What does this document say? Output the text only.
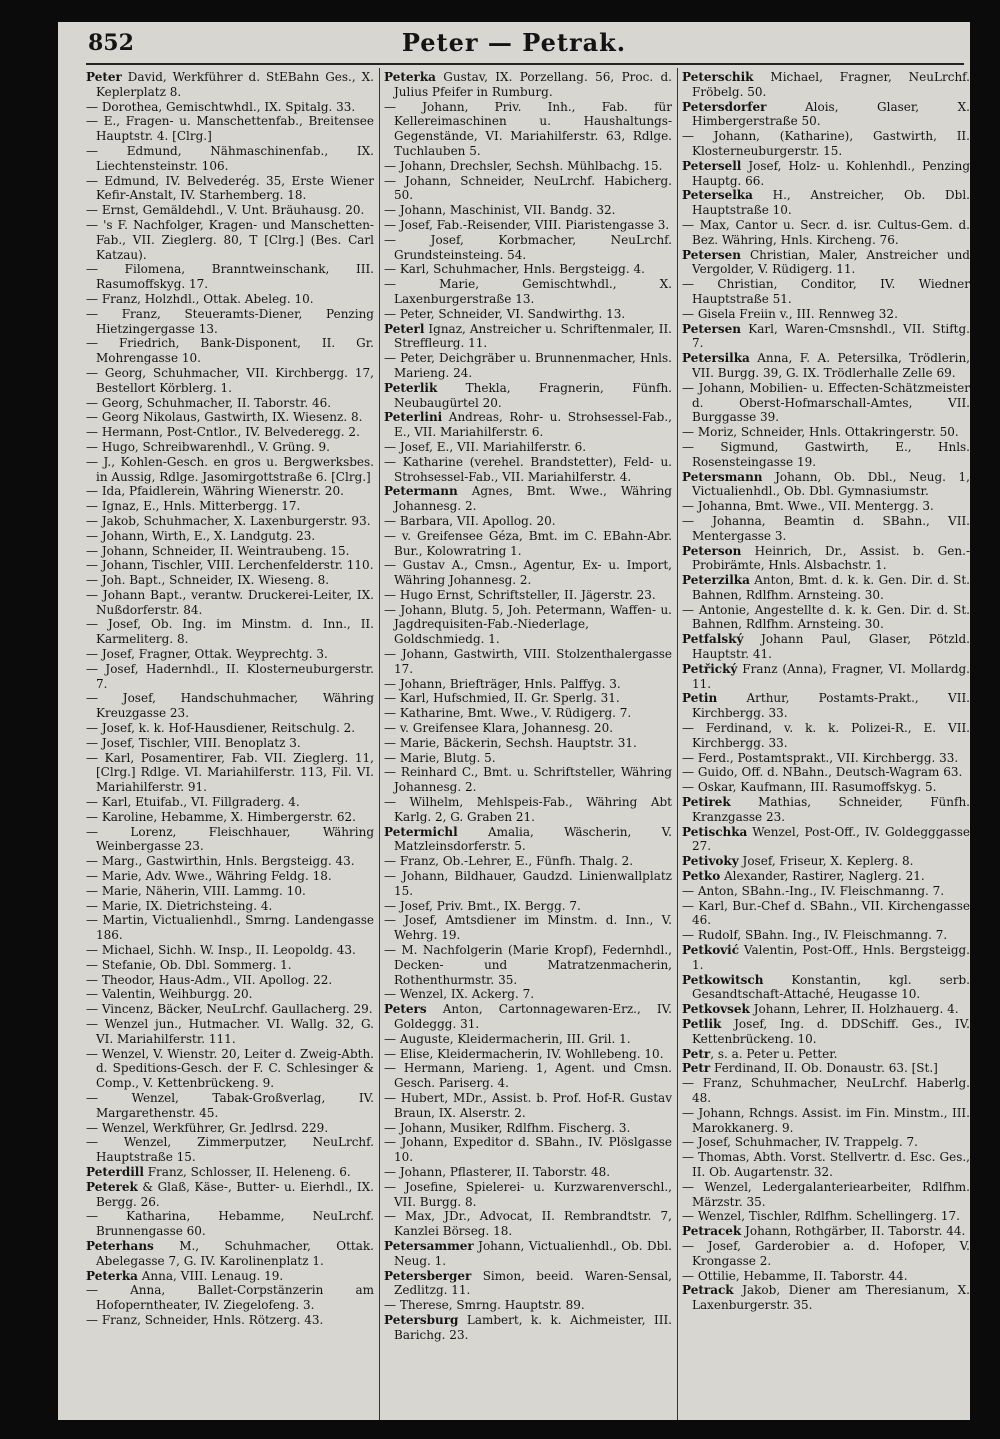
852	Peter — Petrak.

Peter David, Werkführer d. StEBahn Ges., X. Keplerplatz 8.

— Dorothea, Gemischtwhdl., IX. Spitalg. 33.

— E., Fragen- u. Manschettenfab., Breitensee Hauptstr. 4. [Clrg.]

— Edmund, Nähmaschinenfab., IX. Liechtensteinstr. 106.

— Edmund, IV. Belvederég. 35, Erste Wiener Kefir-Anstalt, IV. Starhemberg. 18.

— Ernst, Gemäldehdl., V. Unt. Bräuhausg. 20.

— 's F. Nachfolger, Kragen- und Manschetten-Fab., VII. Zieglerg. 80, T [Clrg.] (Bes. Carl Katzau).

— Filomena, Branntweinschank, III. Rasumoffskyg. 17.

— Franz, Holzhdl., Ottak. Abeleg. 10.

— Franz, Steueramts-Diener, Penzing Hietzingergasse 13.

— Friedrich, Bank-Disponent, II. Gr. Mohrengasse 10.

— Georg, Schuhmacher, VII. Kirchbergg. 17, Bestellort Körblerg. 1.

— Georg, Schuhmacher, II. Taborstr. 46.

— Georg Nikolaus, Gastwirth, IX. Wiesenz. 8.

— Hermann, Post-Cntlor., IV. Belvederegg. 2.

— Hugo, Schreibwarenhdl., V. Grüng. 9.

— J., Kohlen-Gesch. en gros u. Bergwerksbes. in Aussig, Rdlge. Jasomirgottstraße 6. [Clrg.]

— Ida, Pfaidlerein, Währing Wienerstr. 20.

— Ignaz, E., Hnls. Mitterbergg. 17.

— Jakob, Schuhmacher, X. Laxenburgerstr. 93.

— Johann, Wirth, E., X. Landgutg. 23.

— Johann, Schneider, II. Weintraubeng. 15.

— Johann, Tischler, VIII. Lerchenfelderstr. 110.

— Joh. Bapt., Schneider, IX. Wieseng. 8.

— Johann Bapt., verantw. Druckerei-Leiter, IX. Nußdorferstr. 84.

— Josef, Ob. Ing. im Minstm. d. Inn., II. Karmeliterg. 8.

— Josef, Fragner, Ottak. Weyprechtg. 3.

— Josef, Hadernhdl., II. Klosterneuburgerstr. 7.

— Josef, Handschuhmacher, Währing Kreuzgasse 23.

— Josef, k. k. Hof-Hausdiener, Reitschulg. 2.

— Josef, Tischler, VIII. Benoplatz 3.

— Karl, Posamentirer, Fab. VII. Zieglerg. 11, [Clrg.] Rdlge. VI. Mariahilferstr. 113, Fil. VI. Mariahilferstr. 91.

— Karl, Etuifab., VI. Fillgraderg. 4.

— Karoline, Hebamme, X. Himbergerstr. 62.

— Lorenz, Fleischhauer, Währing Weinbergasse 23.

— Marg., Gastwirthin, Hnls. Bergsteigg. 43.

— Marie, Adv. Wwe., Währing Feldg. 18.

— Marie, Näherin, VIII. Lammg. 10.

— Marie, IX. Dietrichsteing. 4.

— Martin, Victualienhdl., Smrng. Landengasse 186.

— Michael, Sichh. W. Insp., II. Leopoldg. 43.

— Stefanie, Ob. Dbl. Sommerg. 1.

— Theodor, Haus-Adm., VII. Apollog. 22.

— Valentin, Weihburgg. 20.

— Vincenz, Bäcker, NeuLrchf. Gaullacherg. 29.

— Wenzel jun., Hutmacher. VI. Wallg. 32, G. VI. Mariahilferstr. 111.

— Wenzel, V. Wienstr. 20, Leiter d. Zweig-Abth. d. Speditions-Gesch. der F. C. Schlesinger & Comp., V. Kettenbrückeng. 9.

— Wenzel, Tabak-Großverlag, IV. Margarethenstr. 45.

— Wenzel, Werkführer, Gr. Jedlrsd. 229.

— Wenzel, Zimmerputzer, NeuLrchf. Hauptstraße 15.

Peterdill Franz, Schlosser, II. Heleneng. 6.

Peterek & Glaß, Käse-, Butter- u. Eierhdl., IX. Bergg. 26.

— Katharina, Hebamme, NeuLrchf. Brunnengasse 60.

Peterhans M., Schuhmacher, Ottak. Abelegasse 7, G. IV. Karolinenplatz 1.

Peterka Anna, VIII. Lenaug. 19.

— Anna, Ballet-Corpstänzerin am Hofoperntheater, IV. Ziegelofeng. 3.

— Franz, Schneider, Hnls. Rötzerg. 43.

Peterka Gustav, IX. Porzellang. 56, Proc. d. Julius Pfeifer in Rumburg.

— Johann, Priv. Inh., Fab. für Kellereimaschinen u. Haushaltungs-Gegenstände, VI. Mariahilferstr. 63, Rdlge. Tuchlauben 5.

— Johann, Drechsler, Sechsh. Mühlbachg. 15.

— Johann, Schneider, NeuLrchf. Habicherg. 50.

— Johann, Maschinist, VII. Bandg. 32.

— Josef, Fab.-Reisender, VIII. Piaristengasse 3.

— Josef, Korbmacher, NeuLrchf. Grundsteinsteing. 54.

— Karl, Schuhmacher, Hnls. Bergsteigg. 4.

— Marie, Gemischtwhdl., X. Laxenburgerstraße 13.

— Peter, Schneider, VI. Sandwirthg. 13.

Peterl Ignaz, Anstreicher u. Schriftenmaler, II. Streffleurg. 11.

— Peter, Deichgräber u. Brunnenmacher, Hnls. Marieng. 24.

Peterlik Thekla, Fragnerin, Fünfh. Neubaugürtel 20.

Peterlini Andreas, Rohr- u. Strohsessel-Fab., E., VII. Mariahilferstr. 6.

— Josef, E., VII. Mariahilferstr. 6.

— Katharine (verehel. Brandstetter), Feld- u. Strohsessel-Fab., VII. Mariahilferstr. 4.

Petermann Agnes, Bmt. Wwe., Währing Johannesg. 2.

— Barbara, VII. Apollog. 20.

— v. Greifensee Géza, Bmt. im C. EBahn-Abr. Bur., Kolowratring 1.

— Gustav A., Cmsn., Agentur, Ex- u. Import, Währing Johannesg. 2.

— Hugo Ernst, Schriftsteller, II. Jägerstr. 23.

— Johann, Blutg. 5, Joh. Petermann, Waffen- u. Jagdrequisiten-Fab.-Niederlage, Goldschmiedg. 1.

— Johann, Gastwirth, VIII. Stolzenthalergasse 17.

— Johann, Briefträger, Hnls. Palffyg. 3.

— Karl, Hufschmied, II. Gr. Sperlg. 31.

— Katharine, Bmt. Wwe., V. Rüdigerg. 7.

— v. Greifensee Klara, Johannesg. 20.

— Marie, Bäckerin, Sechsh. Hauptstr. 31.

— Marie, Blutg. 5.

— Reinhard C., Bmt. u. Schriftsteller, Währing Johannesg. 2.

— Wilhelm, Mehlspeis-Fab., Währing Abt Karlg. 2, G. Graben 21.

Petermichl Amalia, Wäscherin, V. Matzleinsdorferstr. 5.

— Franz, Ob.-Lehrer, E., Fünfh. Thalg. 2.

— Johann, Bildhauer, Gaudzd. Linienwallplatz 15.

— Josef, Priv. Bmt., IX. Bergg. 7.

— Josef, Amtsdiener im Minstm. d. Inn., V. Wehrg. 19.

— M. Nachfolgerin (Marie Kropf), Federnhdl., Decken- und Matratzenmacherin, Rothenthurmstr. 35.

— Wenzel, IX. Ackerg. 7.

Peters Anton, Cartonnagewaren-Erz., IV. Goldeggg. 31.

— Auguste, Kleidermacherin, III. Gril. 1.

— Elise, Kleidermacherin, IV. Wohllebeng. 10.

— Hermann, Marieng. 1, Agent. und Cmsn. Gesch. Pariserg. 4.

— Hubert, MDr., Assist. b. Prof. Hof-R. Gustav Braun, IX. Alserstr. 2.

— Johann, Musiker, Rdlfhm. Fischerg. 3.

— Johann, Expeditor d. SBahn., IV. Plöslgasse 10.

— Johann, Pflasterer, II. Taborstr. 48.

— Josefine, Spielerei- u. Kurzwarenverschl., VII. Burgg. 8.

— Max, JDr., Advocat, II. Rembrandtstr. 7, Kanzlei Börseg. 18.

Petersammer Johann, Victualienhdl., Ob. Dbl. Neug. 1.

Petersberger Simon, beeid. Waren-Sensal, Zedlitzg. 11.

— Therese, Smrng. Hauptstr. 89.

Petersburg Lambert, k. k. Aichmeister, III. Barichg. 23.

Peterschik Michael, Fragner, NeuLrchf. Fröbelg. 50.

Petersdorfer Alois, Glaser, X. Himbergerstraße 50.

— Johann, (Katharine), Gastwirth, II. Klosterneuburgerstr. 15.

Petersell Josef, Holz- u. Kohlenhdl., Penzing Hauptg. 66.

Peterselka H., Anstreicher, Ob. Dbl. Hauptstraße 10.

— Max, Cantor u. Secr. d. isr. Cultus-Gem. d. Bez. Währing, Hnls. Kircheng. 76.

Petersen Christian, Maler, Anstreicher und Vergolder, V. Rüdigerg. 11.

— Christian, Conditor, IV. Wiedner Hauptstraße 51.

— Gisela Freiin v., III. Rennweg 32.

Petersen Karl, Waren-Cmsnshdl., VII. Stiftg. 7.

Petersilka Anna, F. A. Petersilka, Trödlerin, VII. Burgg. 39, G. IX. Trödlerhalle Zelle 69.

— Johann, Mobilien- u. Effecten-Schätzmeister d. Oberst-Hofmarschall-Amtes, VII. Burggasse 39.

— Moriz, Schneider, Hnls. Ottakringerstr. 50.

— Sigmund, Gastwirth, E., Hnls. Rosensteingasse 19.

Petersmann Johann, Ob. Dbl., Neug. 1, Victualienhdl., Ob. Dbl. Gymnasiumstr.

— Johanna, Bmt. Wwe., VII. Mentergg. 3.

— Johanna, Beamtin d. SBahn., VII. Mentergasse 3.

Peterson Heinrich, Dr., Assist. b. Gen.-Probirämte, Hnls. Alsbachstr. 1.

Peterzilka Anton, Bmt. d. k. k. Gen. Dir. d. St. Bahnen, Rdlfhm. Arnsteing. 30.

— Antonie, Angestellte d. k. k. Gen. Dir. d. St. Bahnen, Rdlfhm. Arnsteing. 30.

Petfalský Johann Paul, Glaser, Pötzld. Hauptstr. 41.

Petřický Franz (Anna), Fragner, VI. Mollardg. 11.

Petin Arthur, Postamts-Prakt., VII. Kirchbergg. 33.

— Ferdinand, v. k. k. Polizei-R., E. VII. Kirchbergg. 33.

— Ferd., Postamtsprakt., VII. Kirchbergg. 33.

— Guido, Off. d. NBahn., Deutsch-Wagram 63.

— Oskar, Kaufmann, III. Rasumoffskyg. 5.

Petirek Mathias, Schneider, Fünfh. Kranzgasse 23.

Petischka Wenzel, Post-Off., IV. Goldegggasse 27.

Petivoky Josef, Friseur, X. Keplerg. 8.

Petko Alexander, Rastirer, Naglerg. 21.

— Anton, SBahn.-Ing., IV. Fleischmanng. 7.

— Karl, Bur.-Chef d. SBahn., VII. Kirchengasse 46.

— Rudolf, SBahn. Ing., IV. Fleischmanng. 7.

Petković Valentin, Post-Off., Hnls. Bergsteigg. 1.

Petkowitsch Konstantin, kgl. serb. Gesandtschaft-Attaché, Heugasse 10.

Petkovsek Johann, Lehrer, II. Holzhauerg. 4.

Petlik Josef, Ing. d. DDSchiff. Ges., IV. Kettenbrückeng. 10.

Petr, s. a. Peter u. Petter.

Petr Ferdinand, II. Ob. Donaustr. 63. [St.]

— Franz, Schuhmacher, NeuLrchf. Haberlg. 48.

— Johann, Rchngs. Assist. im Fin. Minstm., III. Marokkanerg. 9.

— Josef, Schuhmacher, IV. Trappelg. 7.

— Thomas, Abth. Vorst. Stellvertr. d. Esc. Ges., II. Ob. Augartenstr. 32.

— Wenzel, Ledergalanteriearbeiter, Rdlfhm. Märzstr. 35.

— Wenzel, Tischler, Rdlfhm. Schellingerg. 17.

Petracek Johann, Rothgärber, II. Taborstr. 44.

— Josef, Garderobier a. d. Hofoper, V. Krongasse 2.

— Ottilie, Hebamme, II. Taborstr. 44.

Petrack Jakob, Diener am Theresianum, X. Laxenburgerstr. 35.
